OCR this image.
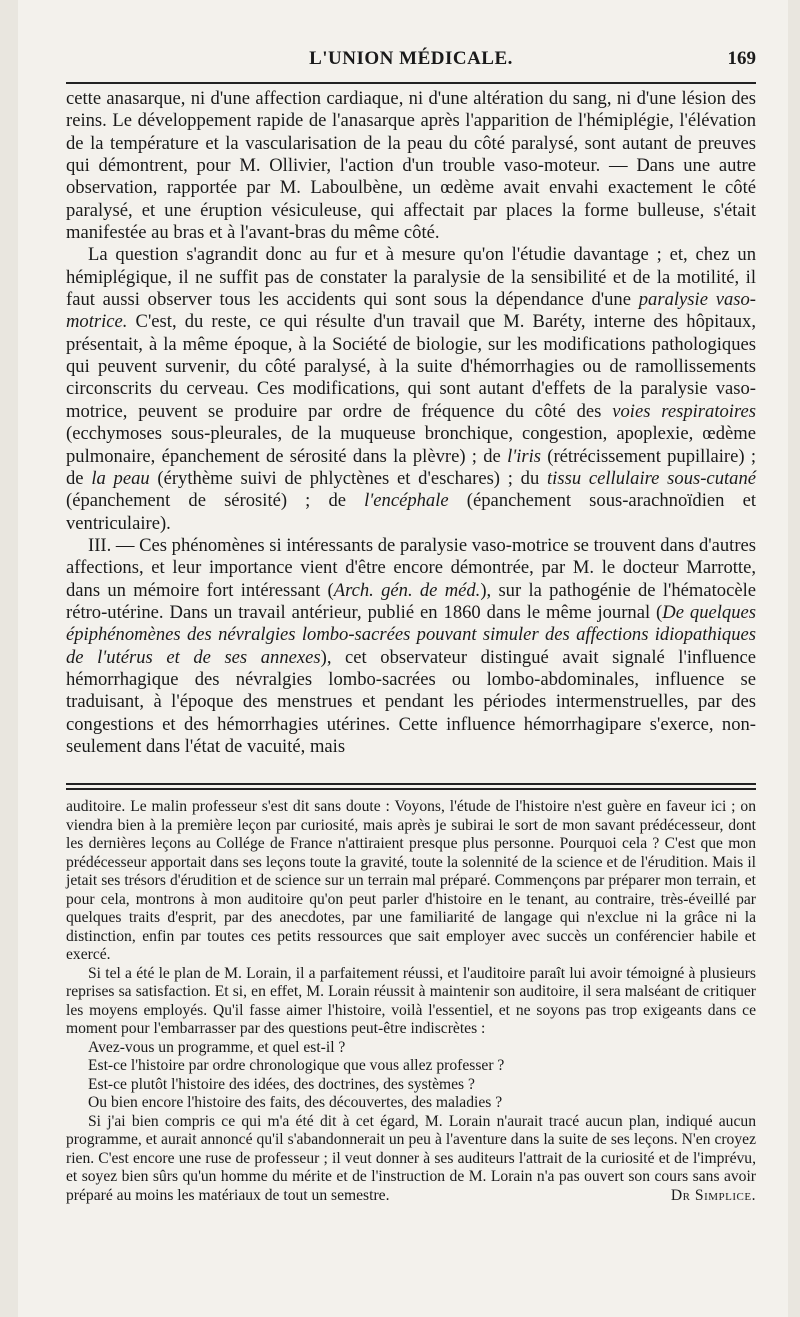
L'UNION MÉDICALE.	169

cette anasarque, ni d'une affection cardiaque, ni d'une altération du sang, ni d'une lésion des reins. Le développement rapide de l'anasarque après l'apparition de l'hémiplégie, l'élévation de la température et la vascularisation de la peau du côté paralysé, sont autant de preuves qui démontrent, pour M. Ollivier, l'action d'un trouble vaso-moteur. — Dans une autre observation, rapportée par M. Laboulbène, un œdème avait envahi exactement le côté paralysé, et une éruption vésiculeuse, qui affectait par places la forme bulleuse, s'était manifestée au bras et à l'avant-bras du même côté.

La question s'agrandit donc au fur et à mesure qu'on l'étudie davantage ; et, chez un hémiplégique, il ne suffit pas de constater la paralysie de la sensibilité et de la motilité, il faut aussi observer tous les accidents qui sont sous la dépendance d'une paralysie vaso-motrice. C'est, du reste, ce qui résulte d'un travail que M. Baréty, interne des hôpitaux, présentait, à la même époque, à la Société de biologie, sur les modifications pathologiques qui peuvent survenir, du côté paralysé, à la suite d'hémorrhagies ou de ramollissements circonscrits du cerveau. Ces modifications, qui sont autant d'effets de la paralysie vaso-motrice, peuvent se produire par ordre de fréquence du côté des voies respiratoires (ecchymoses sous-pleurales, de la muqueuse bronchique, congestion, apoplexie, œdème pulmonaire, épanchement de sérosité dans la plèvre) ; de l'iris (rétrécissement pupillaire) ; de la peau (érythème suivi de phlyctènes et d'eschares) ; du tissu cellulaire sous-cutané (épanchement de sérosité) ; de l'encéphale (épanchement sous-arachnoïdien et ventriculaire).

III. — Ces phénomènes si intéressants de paralysie vaso-motrice se trouvent dans d'autres affections, et leur importance vient d'être encore démontrée, par M. le docteur Marrotte, dans un mémoire fort intéressant (Arch. gén. de méd.), sur la pathogénie de l'hématocèle rétro-utérine. Dans un travail antérieur, publié en 1860 dans le même journal (De quelques épiphénomènes des névralgies lombo-sacrées pouvant simuler des affections idiopathiques de l'utérus et de ses annexes), cet observateur distingué avait signalé l'influence hémorrhagique des névralgies lombo-sacrées ou lombo-abdominales, influence se traduisant, à l'époque des menstrues et pendant les périodes intermenstruelles, par des congestions et des hémorrhagies utérines. Cette influence hémorrhagipare s'exerce, non-seulement dans l'état de vacuité, mais

auditoire. Le malin professeur s'est dit sans doute : Voyons, l'étude de l'histoire n'est guère en faveur ici ; on viendra bien à la première leçon par curiosité, mais après je subirai le sort de mon savant prédécesseur, dont les dernières leçons au Collége de France n'attiraient presque plus personne. Pourquoi cela ? C'est que mon prédécesseur apportait dans ses leçons toute la gravité, toute la solennité de la science et de l'érudition. Mais il jetait ses trésors d'érudition et de science sur un terrain mal préparé. Commençons par préparer mon terrain, et pour cela, montrons à mon auditoire qu'on peut parler d'histoire en le tenant, au contraire, très-éveillé par quelques traits d'esprit, par des anecdotes, par une familiarité de langage qui n'exclue ni la grâce ni la distinction, enfin par toutes ces petits ressources que sait employer avec succès un conférencier habile et exercé.

Si tel a été le plan de M. Lorain, il a parfaitement réussi, et l'auditoire paraît lui avoir témoigné à plusieurs reprises sa satisfaction. Et si, en effet, M. Lorain réussit à maintenir son auditoire, il sera malséant de critiquer les moyens employés. Qu'il fasse aimer l'histoire, voilà l'essentiel, et ne soyons pas trop exigeants dans ce moment pour l'embarrasser par des questions peut-être indiscrètes :

Avez-vous un programme, et quel est-il ?

Est-ce l'histoire par ordre chronologique que vous allez professer ?

Est-ce plutôt l'histoire des idées, des doctrines, des systèmes ?

Ou bien encore l'histoire des faits, des découvertes, des maladies ?

Si j'ai bien compris ce qui m'a été dit à cet égard, M. Lorain n'aurait tracé aucun plan, indiqué aucun programme, et aurait annoncé qu'il s'abandonnerait un peu à l'aventure dans la suite de ses leçons. N'en croyez rien. C'est encore une ruse de professeur ; il veut donner à ses auditeurs l'attrait de la curiosité et de l'imprévu, et soyez bien sûrs qu'un homme du mérite et de l'instruction de M. Lorain n'a pas ouvert son cours sans avoir préparé au moins les matériaux de tout un semestre.	Dr Simplice.
